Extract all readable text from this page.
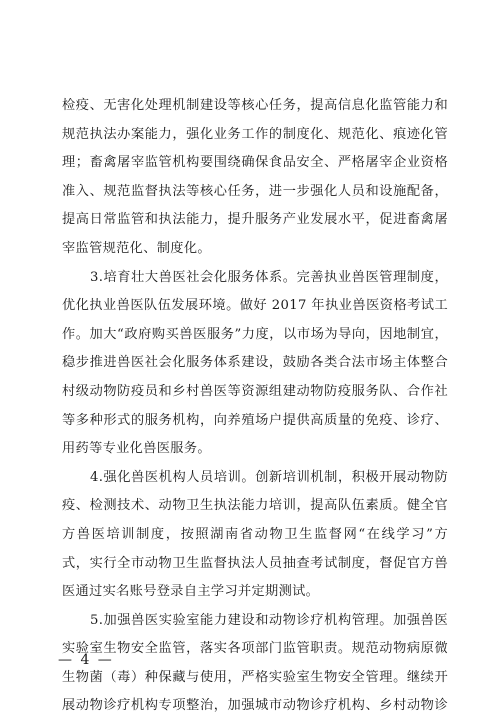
检疫、无害化处理机制建设等核心任务，提高信息化监管能力和
规范执法办案能力，强化业务工作的制度化、规范化、痕迹化管
理；畜禽屠宰监管机构要围绕确保食品安全、严格屠宰企业资格
准入、规范监督执法等核心任务，进一步强化人员和设施配备，
提高日常监管和执法能力，提升服务产业发展水平，促进畜禽屠
宰监管规范化、制度化。
3.培育壮大兽医社会化服务体系。完善执业兽医管理制度，
优化执业兽医队伍发展环境。做好 2017 年执业兽医资格考试工
作。加大“政府购买兽医服务”力度，以市场为导向，因地制宜，
稳步推进兽医社会化服务体系建设，鼓励各类合法市场主体整合
村级动物防疫员和乡村兽医等资源组建动物防疫服务队、合作社
等多种形式的服务机构，向养殖场户提供高质量的免疫、诊疗、
用药等专业化兽医服务。
4.强化兽医机构人员培训。创新培训机制，积极开展动物防
疫、检测技术、动物卫生执法能力培训，提高队伍素质。健全官
方兽医培训制度，按照湖南省动物卫生监督网“在线学习”方
式，实行全市动物卫生监督执法人员抽查考试制度，督促官方兽
医通过实名账号登录自主学习并定期测试。
5.加强兽医实验室能力建设和动物诊疗机构管理。加强兽医
实验室生物安全监管，落实各项部门监管职责。规范动物病原微
生物菌（毒）种保藏与使用，严格实验室生物安全管理。继续开
展动物诊疗机构专项整治，加强城市动物诊疗机构、乡村动物诊
— 4 —
